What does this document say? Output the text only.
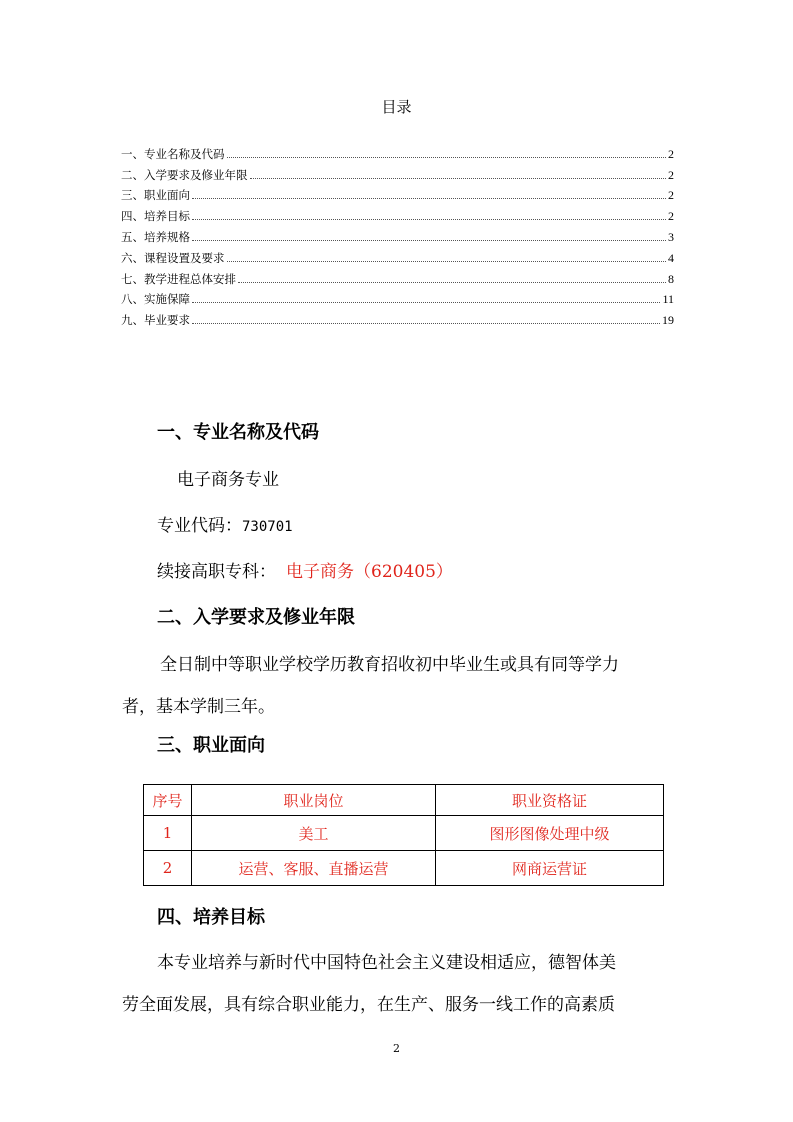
目录
一、专业名称及代码	2
二、入学要求及修业年限	2
三、职业面向	2
四、培养目标	2
五、培养规格	3
六、课程设置及要求	4
七、教学进程总体安排	8
八、实施保障	11
九、毕业要求	19
一、专业名称及代码
电子商务专业
专业代码：730701
续接高职专科： 电子商务（620405）
二、入学要求及修业年限
全日制中等职业学校学历教育招收初中毕业生或具有同等学力
者，基本学制三年。
三、职业面向
序号	职业岗位	职业资格证
1	美工	图形图像处理中级
2	运营、客服、直播运营	网商运营证
四、培养目标
本专业培养与新时代中国特色社会主义建设相适应，德智体美
劳全面发展，具有综合职业能力，在生产、服务一线工作的高素质
2
